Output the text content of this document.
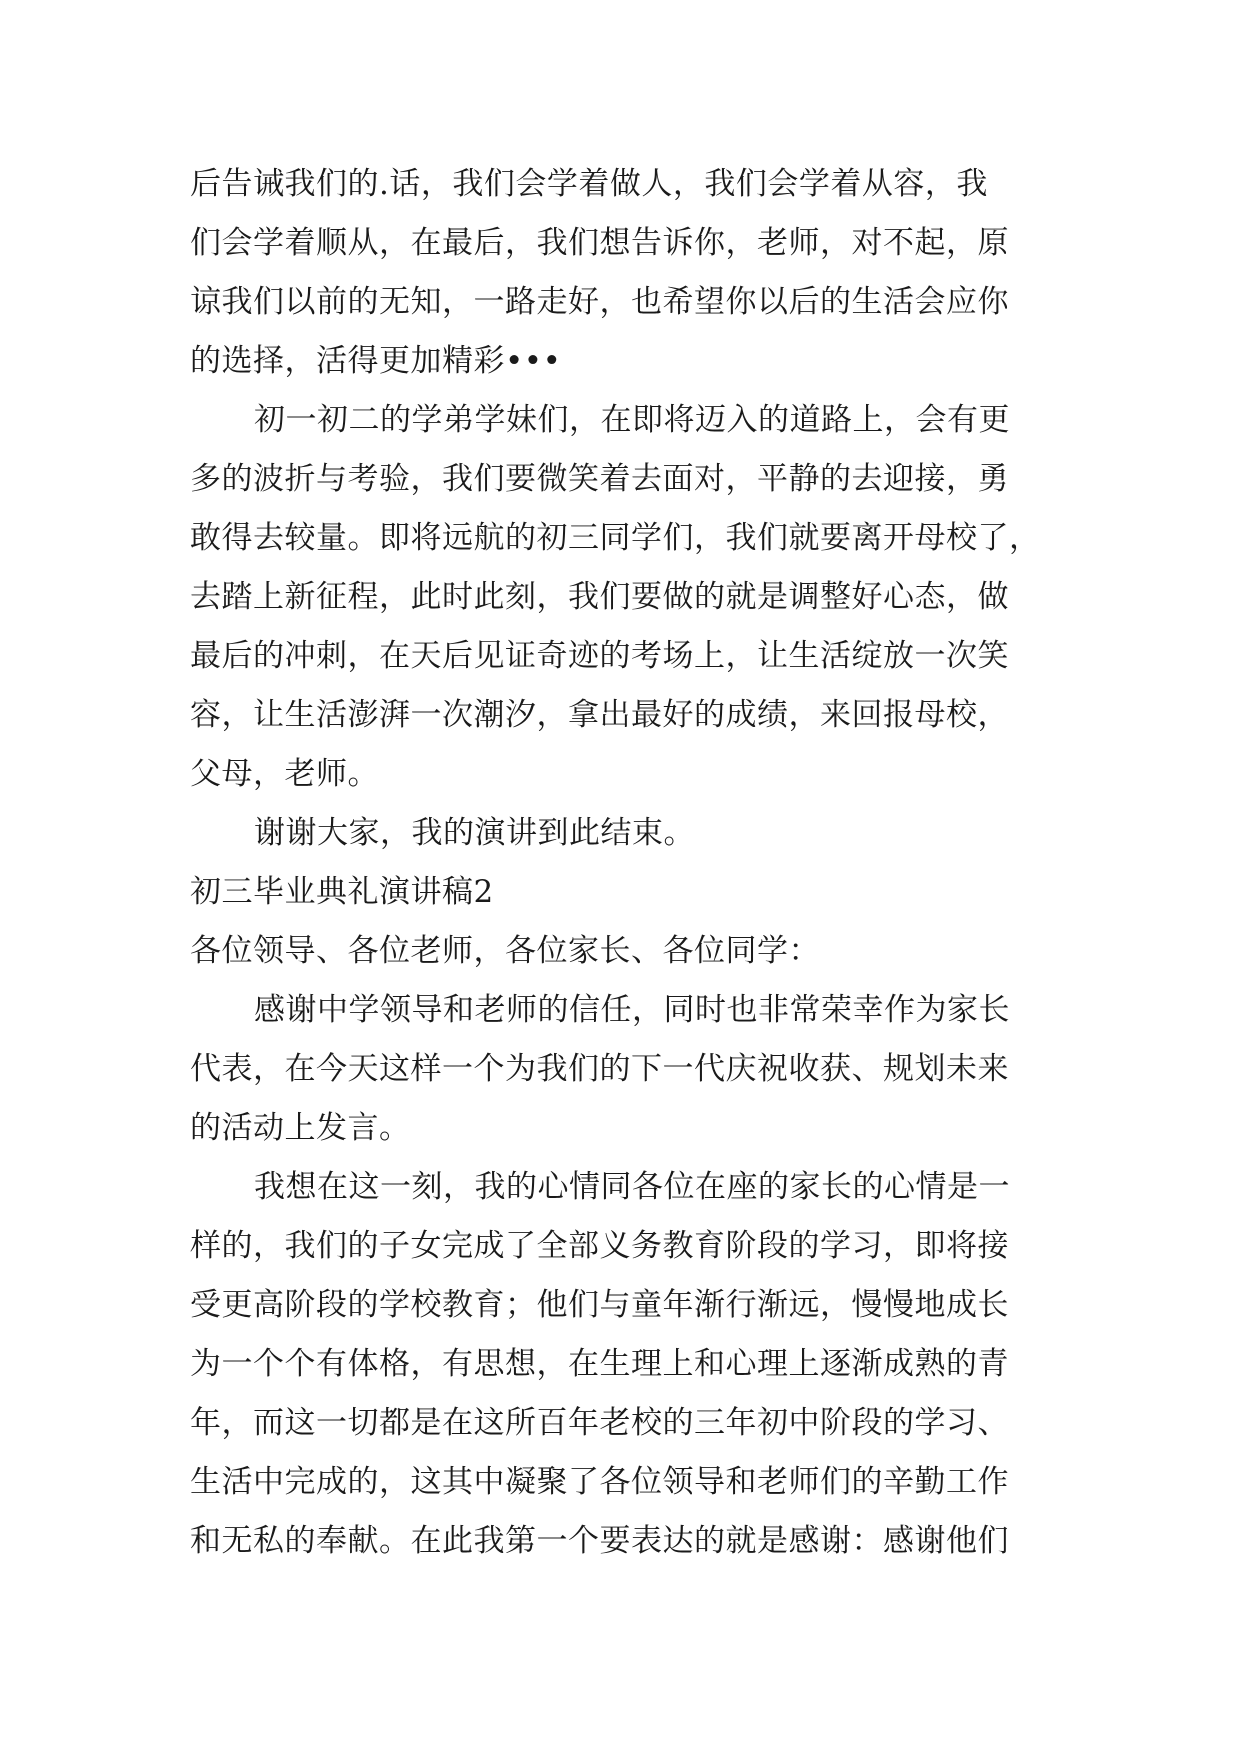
后告诫我们的.话，我们会学着做人，我们会学着从容，我
们会学着顺从，在最后，我们想告诉你，老师，对不起，原
谅我们以前的无知，一路走好，也希望你以后的生活会应你
的选择，活得更加精彩•••
初一初二的学弟学妹们，在即将迈入的道路上，会有更
多的波折与考验，我们要微笑着去面对，平静的去迎接，勇
敢得去较量。即将远航的初三同学们，我们就要离开母校了，
去踏上新征程，此时此刻，我们要做的就是调整好心态，做
最后的冲刺，在天后见证奇迹的考场上，让生活绽放一次笑
容，让生活澎湃一次潮汐，拿出最好的成绩，来回报母校，
父母，老师。
谢谢大家，我的演讲到此结束。
初三毕业典礼演讲稿2
各位领导、各位老师，各位家长、各位同学：
感谢中学领导和老师的信任，同时也非常荣幸作为家长
代表，在今天这样一个为我们的下一代庆祝收获、规划未来
的活动上发言。
我想在这一刻，我的心情同各位在座的家长的心情是一
样的，我们的子女完成了全部义务教育阶段的学习，即将接
受更高阶段的学校教育；他们与童年渐行渐远，慢慢地成长
为一个个有体格，有思想，在生理上和心理上逐渐成熟的青
年，而这一切都是在这所百年老校的三年初中阶段的学习、
生活中完成的，这其中凝聚了各位领导和老师们的辛勤工作
和无私的奉献。在此我第一个要表达的就是感谢：感谢他们
